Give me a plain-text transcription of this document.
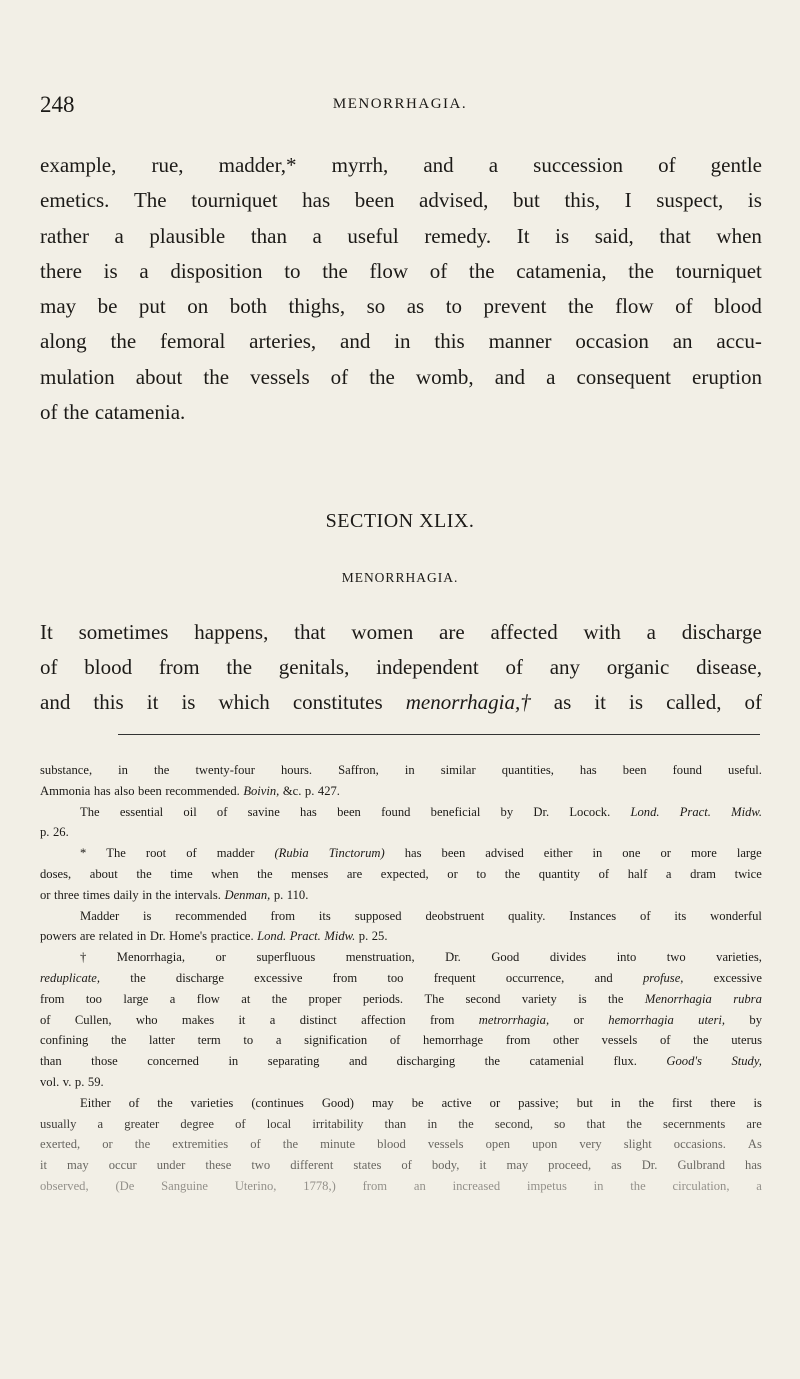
248	MENORRHAGIA.
example, rue, madder,* myrrh, and a succession of gentle
emetics. The tourniquet has been advised, but this, I suspect, is
rather a plausible than a useful remedy. It is said, that when
there is a disposition to the flow of the catamenia, the tourniquet
may be put on both thighs, so as to prevent the flow of blood
along the femoral arteries, and in this manner occasion an accu-
mulation about the vessels of the womb, and a consequent eruption
of the catamenia.
SECTION XLIX.
MENORRHAGIA.
It sometimes happens, that women are affected with a discharge
of blood from the genitals, independent of any organic disease,
and this it is which constitutes menorrhagia,† as it is called, of
substance, in the twenty-four hours. Saffron, in similar quantities, has been found useful.
Ammonia has also been recommended. Boivin, &c. p. 427.
The essential oil of savine has been found beneficial by Dr. Locock. Lond. Pract. Midw.
p. 26.
* The root of madder (Rubia Tinctorum) has been advised either in one or more large
doses, about the time when the menses are expected, or to the quantity of half a dram twice
or three times daily in the intervals. Denman, p. 110.
Madder is recommended from its supposed deobstruent quality. Instances of its wonderful
powers are related in Dr. Home's practice. Lond. Pract. Midw. p. 25.
† Menorrhagia, or superfluous menstruation, Dr. Good divides into two varieties,
reduplicate, the discharge excessive from too frequent occurrence, and profuse, excessive
from too large a flow at the proper periods. The second variety is the Menorrhagia rubra
of Cullen, who makes it a distinct affection from metrorrhagia, or hemorrhagia uteri, by
confining the latter term to a signification of hemorrhage from other vessels of the uterus
than those concerned in separating and discharging the catamenial flux. Good's Study,
vol. v. p. 59.
Either of the varieties (continues Good) may be active or passive; but in the first there is
usually a greater degree of local irritability than in the second, so that the secernments are
exerted, or the extremities of the minute blood vessels open upon very slight occasions. As
it may occur under these two different states of body, it may proceed, as Dr. Gulbrand has
observed, (De Sanguine Uterino, 1778,) from an increased impetus in the circulation, a
